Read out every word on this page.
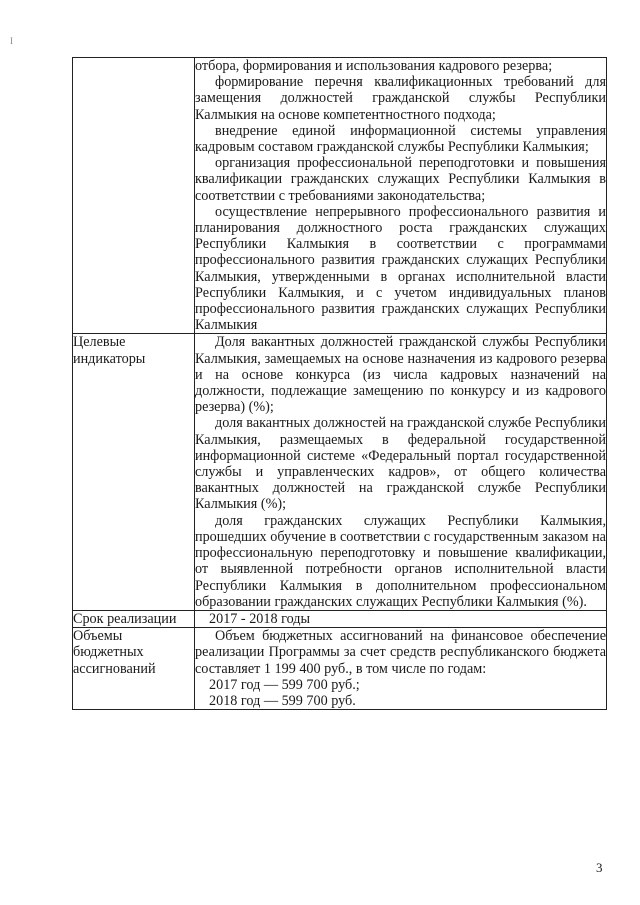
I

	отбора, формирования и использования кадрового резерва;

формирование перечня квалификационных требований для замещения должностей гражданской службы Республики Калмыкия на основе компетентностного подхода;

внедрение единой информационной системы управления кадровым составом гражданской службы Республики Калмыкия;

организация профессиональной переподготовки и повышения квалификации гражданских служащих Республики Калмыкия в соответствии с требованиями законодательства;

осуществление непрерывного профессионального развития и планирования должностного роста гражданских служащих Республики Калмыкия в соответствии с программами профессионального развития гражданских служащих Республики Калмыкия, утвержденными в органах исполнительной власти Республики Калмыкия, и с учетом индивидуальных планов профессионального развития гражданских служащих Республики Калмыкия

Целевые индикаторы	Доля вакантных должностей гражданской службы Республики Калмыкия, замещаемых на основе назначения из кадрового резерва и на основе конкурса (из числа кадровых назначений на должности, подлежащие замещению по конкурсу и из кадрового резерва) (%);

доля вакантных должностей на гражданской службе Республики Калмыкия, размещаемых в федеральной государственной информационной системе «Федеральный портал государственной службы и управленческих кадров», от общего количества вакантных должностей на гражданской службе Республики Калмыкия (%);

доля гражданских служащих Республики Калмыкия, прошедших обучение в соответствии с государственным заказом на профессиональную переподготовку и повышение квалификации, от выявленной потребности органов исполнительной власти Республики Калмыкия в дополнительном профессиональном образовании гражданских служащих Республики Калмыкия (%).

Срок реализации	2017 - 2018 годы

Объемы бюджетных ассигнований	Объем бюджетных ассигнований на финансовое обеспечение реализации Программы за счет средств республиканского бюджета составляет 1 199 400 руб., в том числе по годам:

2017 год — 599 700 руб.;

2018 год — 599 700 руб.

3
